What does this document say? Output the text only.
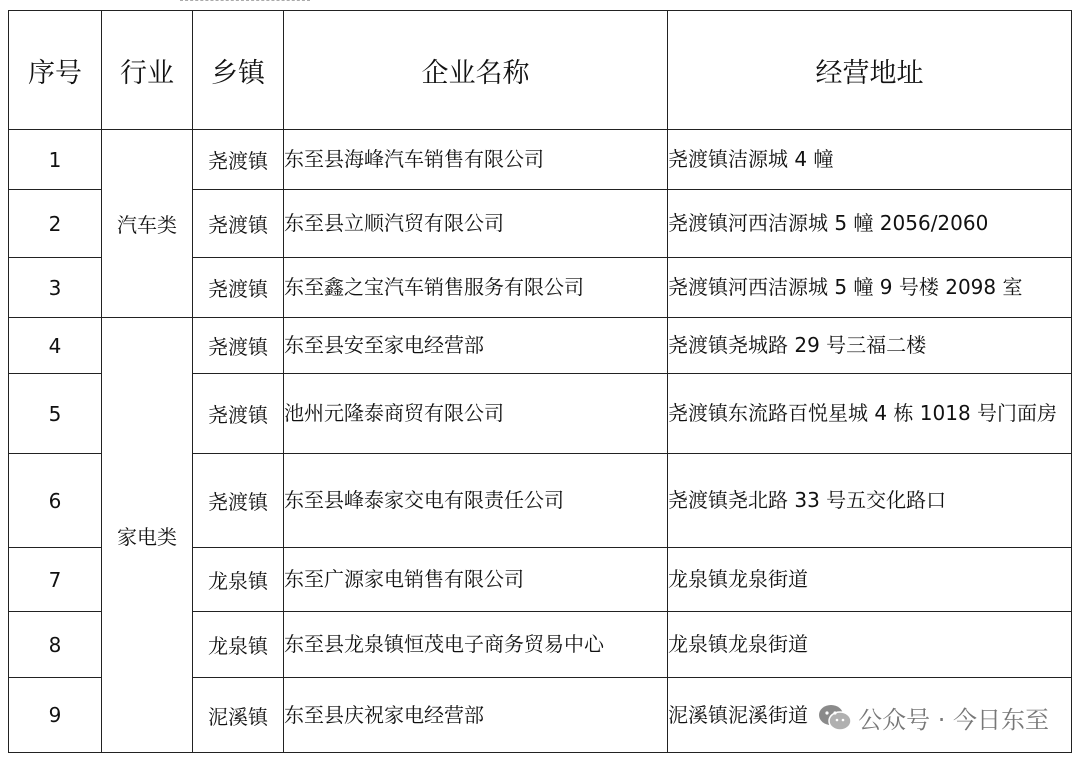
序号	行业	乡镇	企业名称	经营地址
1	汽车类	尧渡镇	东至县海峰汽车销售有限公司	尧渡镇洁源城 4 幢
2		尧渡镇	东至县立顺汽贸有限公司	尧渡镇河西洁源城 5 幢 2056/2060
3		尧渡镇	东至鑫之宝汽车销售服务有限公司	尧渡镇河西洁源城 5 幢 9 号楼 2098 室
4	家电类	尧渡镇	东至县安至家电经营部	尧渡镇尧城路 29 号三福二楼
5		尧渡镇	池州元隆泰商贸有限公司	尧渡镇东流路百悦星城 4 栋 1018 号门面房
6		尧渡镇	东至县峰泰家交电有限责任公司	尧渡镇尧北路 33 号五交化路口
7		龙泉镇	东至广源家电销售有限公司	龙泉镇龙泉街道
8		龙泉镇	东至县龙泉镇恒茂电子商务贸易中心	龙泉镇龙泉街道
9		泥溪镇	东至县庆祝家电经营部	泥溪镇泥溪街道 公众号 · 今日东至
